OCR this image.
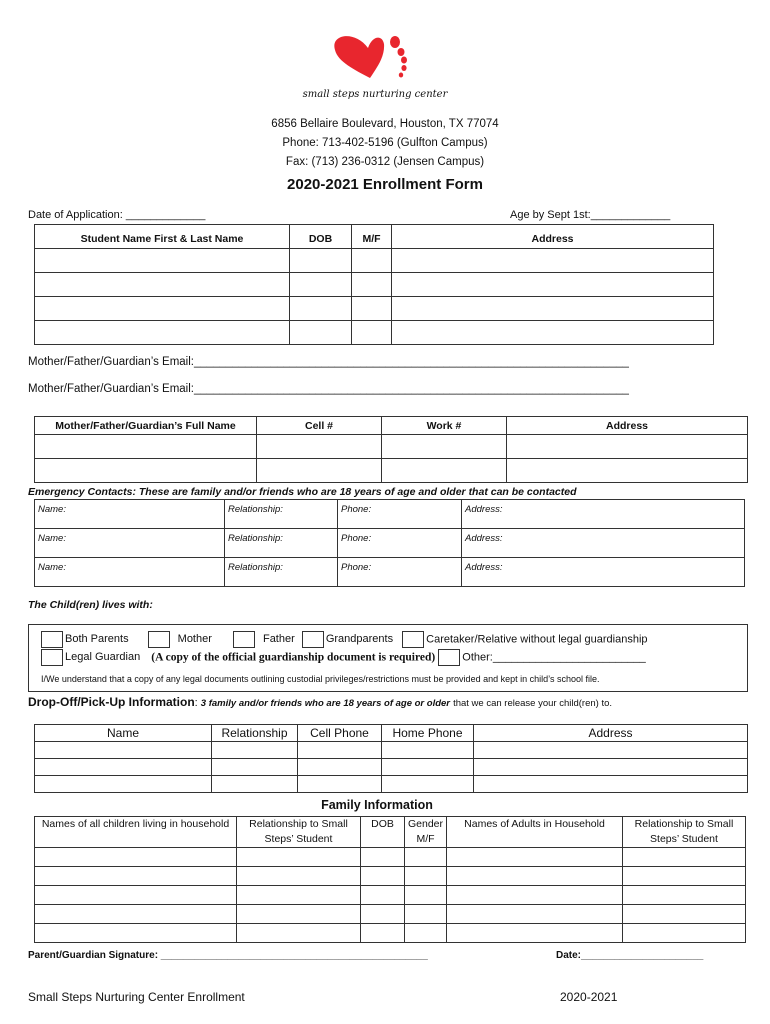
small steps nurturing center
6856 Bellaire Boulevard, Houston, TX 77074
Phone: 713-402-5196 (Gulfton Campus)
Fax: (713) 236-0312 (Jensen Campus)
2020-2021 Enrollment Form
Date of Application: _____________	Age by Sept 1st:_____________
Student Name First & Last Name	DOB	M/F	Address

Mother/Father/Guardian’s Email:____________________________________________________________________
Mother/Father/Guardian’s Email:____________________________________________________________________
Mother/Father/Guardian’s Full Name	Cell #	Work #	Address

Emergency Contacts: These are family and/or friends who are 18 years of age and older that can be contacted
Name:	Relationship:	Phone:	Address:
Name:	Relationship:	Phone:	Address:
Name:	Relationship:	Phone:	Address:
The Child(ren) lives with:
Both Parents	Mother	Father	Grandparents	Caretaker/Relative without legal guardianship
Legal Guardian (A copy of the official guardianship document is required) Other:_________________________
I/We understand that a copy of any legal documents outlining custodial privileges/restrictions must be provided and kept in child’s school file.
Drop-Off/Pick-Up Information: 3 family and/or friends who are 18 years of age or older that we can release your child(ren) to.
Name	Relationship	Cell Phone	Home Phone	Address

Family Information
Names of all children living in household	Relationship to Small Steps’ Student	DOB	Gender M/F	Names of Adults in Household	Relationship to Small Steps’ Student

Parent/Guardian Signature: ________________________________________________	Date:______________________
Small Steps Nurturing Center Enrollment	2020-2021
